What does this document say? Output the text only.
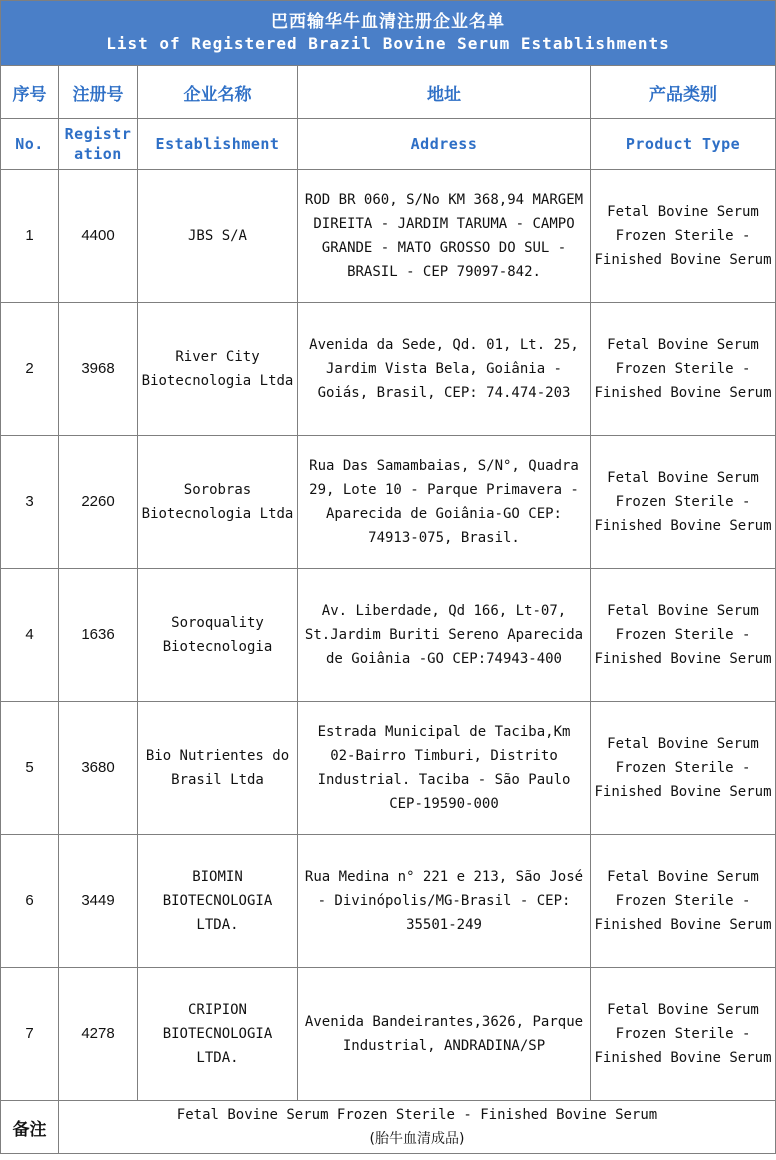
巴西输华牛血清注册企业名单
List of Registered Brazil Bovine Serum Establishments				

序号	注册号	企业名称	地址	产品类别
No.	Registr ation	Establishment	Address	Product Type
1	4400	JBS S/A	ROD BR 060, S/No KM 368,94 MARGEM DIREITA - JARDIM TARUMA - CAMPO GRANDE - MATO GROSSO DO SUL - BRASIL - CEP 79097-842.	Fetal Bovine Serum Frozen Sterile - Finished Bovine Serum
2	3968	River City Biotecnologia Ltda	Avenida da Sede, Qd. 01, Lt. 25, Jardim Vista Bela, Goiânia - Goiás, Brasil, CEP: 74.474-203	Fetal Bovine Serum Frozen Sterile - Finished Bovine Serum
3	2260	Sorobras Biotecnologia Ltda	Rua Das Samambaias, S/N°, Quadra 29, Lote 10 - Parque Primavera - Aparecida de Goiânia-GO CEP: 74913-075, Brasil.	Fetal Bovine Serum Frozen Sterile - Finished Bovine Serum
4	1636	Soroquality Biotecnologia	Av. Liberdade, Qd 166, Lt-07, St.Jardim Buriti Sereno Aparecida de Goiânia -GO CEP:74943-400	Fetal Bovine Serum Frozen Sterile - Finished Bovine Serum
5	3680	Bio Nutrientes do Brasil Ltda	Estrada Municipal de Taciba,Km 02-Bairro Timburi, Distrito Industrial. Taciba - São Paulo CEP-19590-000	Fetal Bovine Serum Frozen Sterile - Finished Bovine Serum
6	3449	BIOMIN BIOTECNOLOGIA LTDA.	Rua Medina n° 221 e 213, São José - Divinópolis/MG-Brasil - CEP: 35501-249	Fetal Bovine Serum Frozen Sterile - Finished Bovine Serum
7	4278	CRIPION BIOTECNOLOGIA LTDA.	Avenida Bandeirantes,3626, Parque Industrial, ANDRADINA/SP	Fetal Bovine Serum Frozen Sterile - Finished Bovine Serum
备注	Fetal Bovine Serum Frozen Sterile - Finished Bovine Serum
(胎牛血清成品)			
